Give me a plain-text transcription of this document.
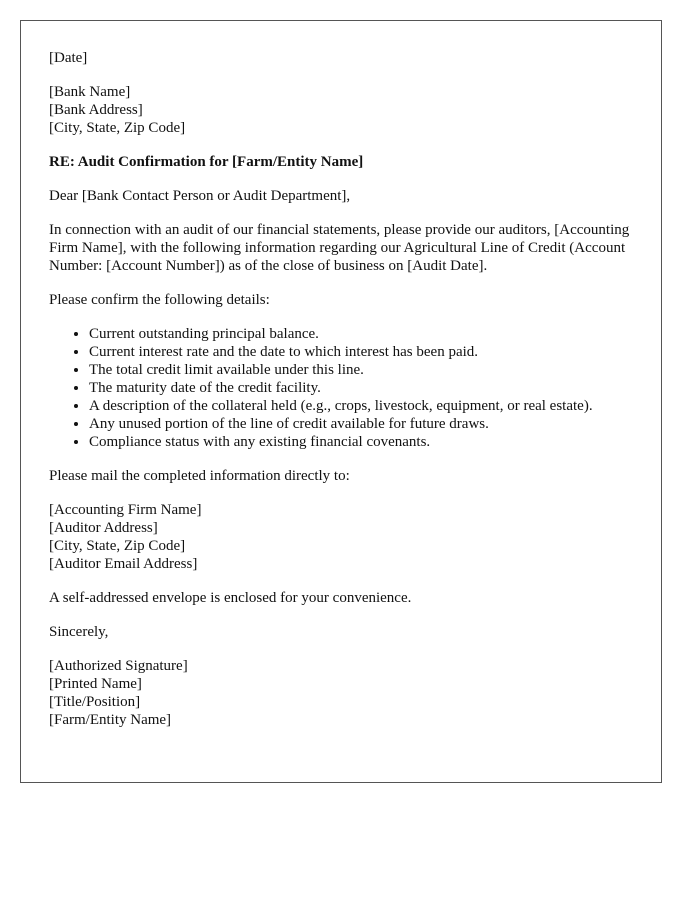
[Date]
[Bank Name]
[Bank Address]
[City, State, Zip Code]
RE: Audit Confirmation for [Farm/Entity Name]
Dear [Bank Contact Person or Audit Department],

In connection with an audit of our financial statements, please provide our auditors, [Accounting Firm Name], with the following information regarding our Agricultural Line of Credit (Account Number: [Account Number]) as of the close of business on [Audit Date].

Please confirm the following details:
• Current outstanding principal balance.
• Current interest rate and the date to which interest has been paid.
• The total credit limit available under this line.
• The maturity date of the credit facility.
• A description of the collateral held (e.g., crops, livestock, equipment, or real estate).
• Any unused portion of the line of credit available for future draws.
• Compliance status with any existing financial covenants.
Please mail the completed information directly to:
[Accounting Firm Name]
[Auditor Address]
[City, State, Zip Code]
[Auditor Email Address]
A self-addressed envelope is enclosed for your convenience.
Sincerely,
[Authorized Signature]
[Printed Name]
[Title/Position]
[Farm/Entity Name]
